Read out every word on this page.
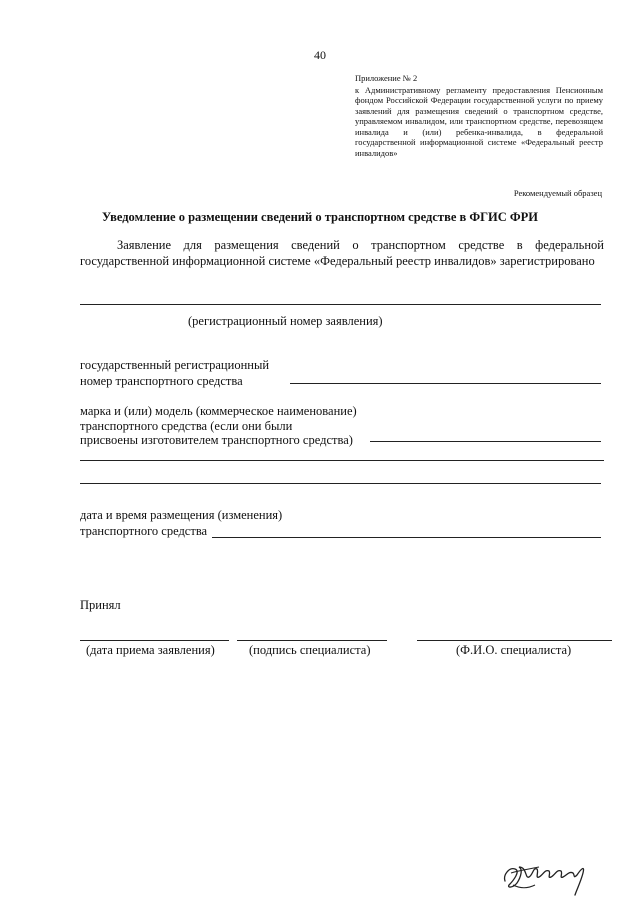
40
Приложение № 2
к Административному регламенту предоставления Пенсионным фондом Российской Федерации государственной услуги по приему заявлений для размещения сведений о транспортном средстве, управляемом инвалидом, или транспортном средстве, перевозящем инвалида и (или) ребенка-инвалида, в федеральной государственной информационной системе «Федеральный реестр инвалидов»
Рекомендуемый образец
Уведомление о размещении сведений о транспортном средстве в ФГИС ФРИ
Заявление для размещения сведений о транспортном средстве в федеральной государственной информационной системе «Федеральный реестр инвалидов» зарегистрировано
(регистрационный номер заявления)
государственный регистрационный
номер транспортного средства
марка и (или) модель (коммерческое наименование)
транспортного средства (если они были
присвоены изготовителем транспортного средства)
дата и время размещения (изменения)
транспортного средства
Принял
(дата приема заявления)	(подпись специалиста)	(Ф.И.О. специалиста)
